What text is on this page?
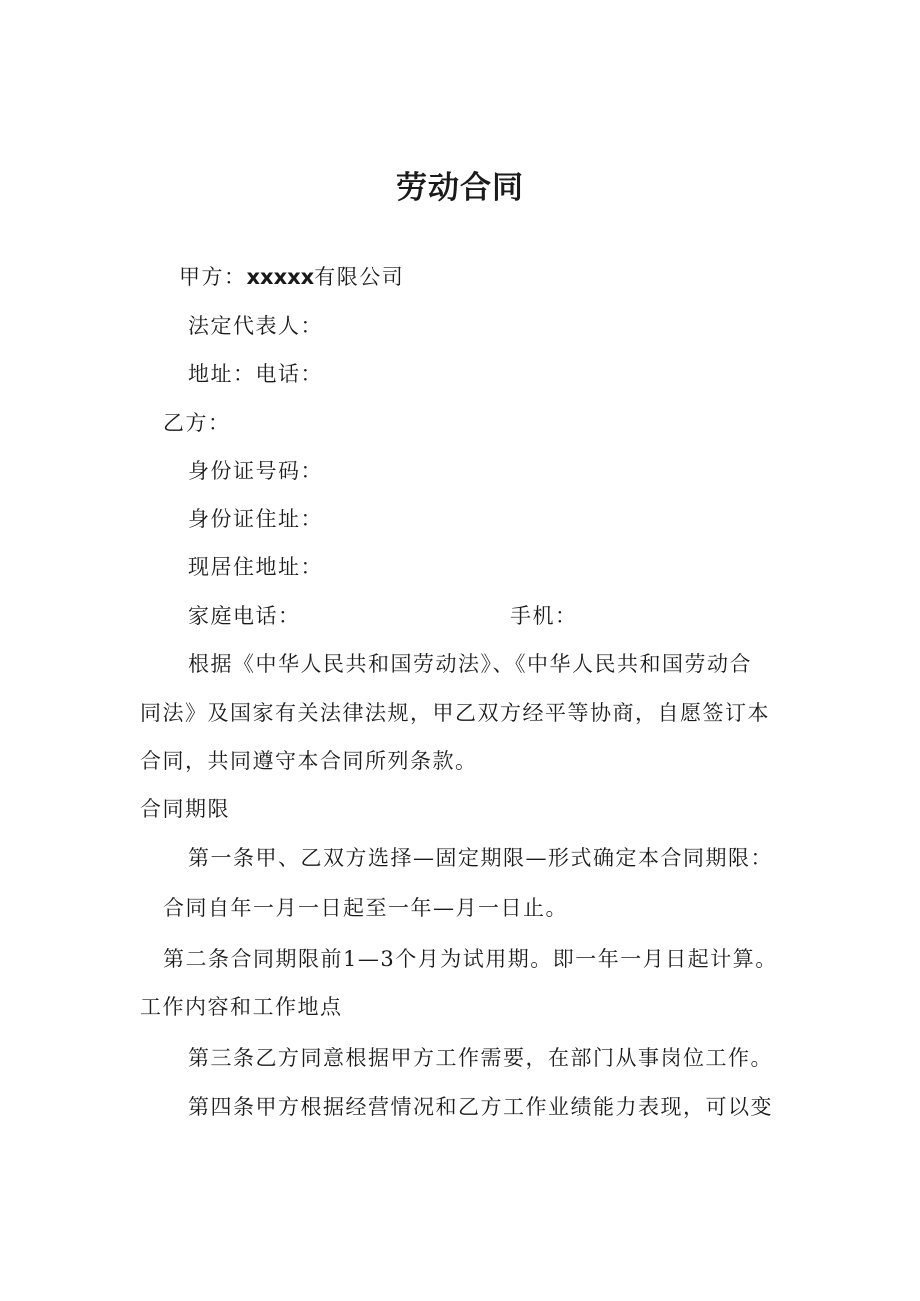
劳动合同
甲方：xxxxx有限公司
法定代表人：
地址：电话：
乙方：
身份证号码：
身份证住址：
现居住地址：
家庭电话：	手机：
根据《中华人民共和国劳动法》、《中华人民共和国劳动合
同法》及国家有关法律法规，甲乙双方经平等协商，自愿签订本
合同，共同遵守本合同所列条款。
合同期限
第一条甲、乙双方选择—固定期限—形式确定本合同期限：
合同自年一月一日起至一年—月一日止。
第二条合同期限前1—3个月为试用期。即一年一月日起计算。
工作内容和工作地点
第三条乙方同意根据甲方工作需要，在部门从事岗位工作。
第四条甲方根据经营情况和乙方工作业绩能力表现，可以变
